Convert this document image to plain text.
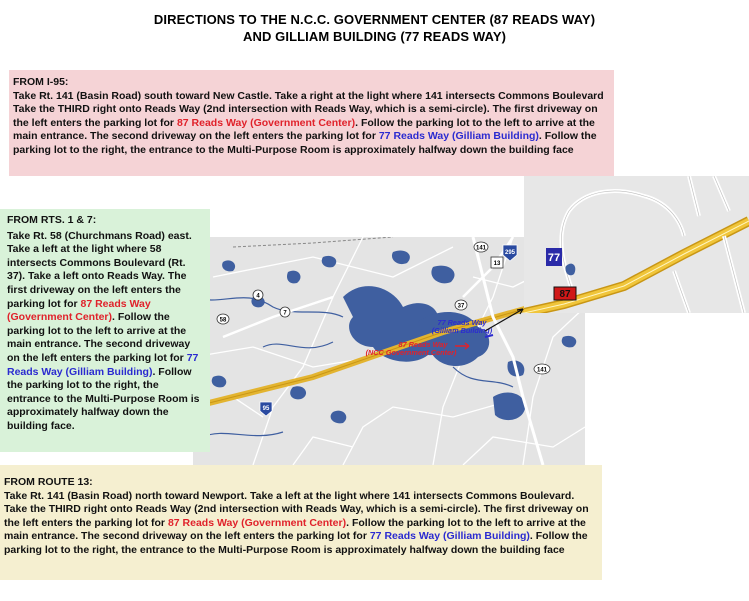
DIRECTIONS TO THE N.C.C. GOVERNMENT CENTER (87 READS WAY)
AND GILLIAM BUILDING (77 READS WAY)
141
295
13
58
4
7
95
37
141
77 Reads Way
(Gilliam Building)
87 Reads Way
(NCC Government Center)
77
87
FROM I-95:
Take Rt. 141 (Basin Road) south toward New Castle. Take a right at the light where 141 intersects Commons Boulevard Take the THIRD right onto Reads Way (2nd intersection with Reads Way, which is a semi-circle). The first driveway on the left enters the parking lot for 87 Reads Way (Government Center). Follow the parking lot to the left to arrive at the main entrance. The second driveway on the left enters the parking lot for 77 Reads Way (Gilliam Building). Follow the parking lot to the right, the entrance to the Multi-Purpose Room is approximately halfway down the building face
FROM RTS. 1 & 7:
Take Rt. 58 (Churchmans Road) east. Take a left at the light where 58 intersects Commons Boulevard (Rt. 37). Take a left onto Reads Way. The first driveway on the left enters the parking lot for 87 Reads Way (Government Center). Follow the parking lot to the left to arrive at the main entrance. The second driveway on the left enters the parking lot for 77 Reads Way (Gilliam Building). Follow the parking lot to the right, the entrance to the Multi-Purpose Room is approximately halfway down the building face.
FROM ROUTE 13:
Take Rt. 141 (Basin Road) north toward Newport. Take a left at the light where 141 intersects Commons Boulevard. Take the THIRD right onto Reads Way (2nd intersection with Reads Way, which is a semi-circle). The first driveway on the left enters the parking lot for 87 Reads Way (Government Center). Follow the parking lot to the left to arrive at the main entrance. The second driveway on the left enters the parking lot for 77 Reads Way (Gilliam Building). Follow the parking lot to the right, the entrance to the Multi-Purpose Room is approximately halfway down the building face
